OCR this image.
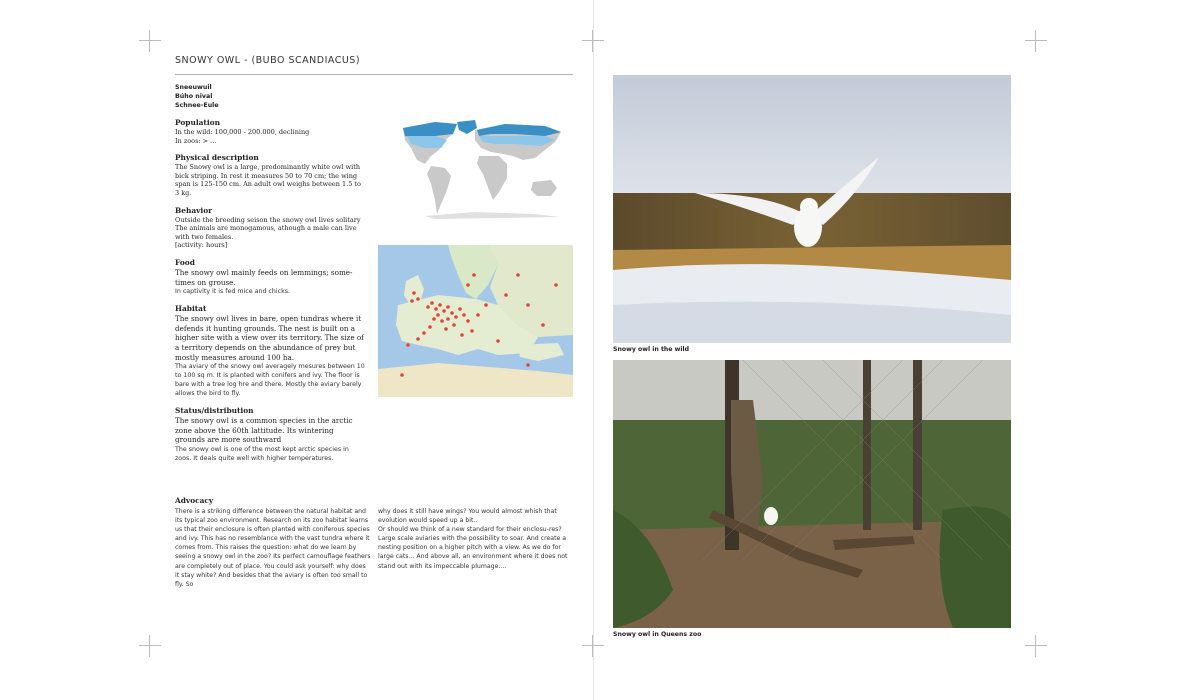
SNOWY OWL - (BUBO SCANDIACUS)
Sneeuwuil
Búho nival
Schnee-Eule
Population

In the wild: 100,000 - 200.000, declining

In zoos: > ...

Physical description

The Snowy owl is a large, predominantly white owl with bick striping. In rest it measures 50 to 70 cm; the wing span is 125-150 cm. An adult owl weighs between 1.5 to 3 kg.

Behavior

Outside the breeding seison the snowy owl lives solitary The animals are monogamous, athough a male can live with two females.

[activity: hours]

Food

The snowy owl mainly feeds on lemmings; some-times on grouse.

In captivity it is fed mice and chicks.

Habitat

The snowy owl lives in bare, open tundras where it defends it hunting grounds. The nest is built on a higher site with a view over its territory. The size of a territory depends on the abundance of prey but mostly measures around 100 ha.

Tha aviary of the snowy owl averagely mesures between 10 to 100 sq m. It is planted with conifers and ivy. The floor is bare with a tree log hre and there. Mostly the aviary barely allows the bird to fly.

Status/distribution

The snowy owl is a common species in the arctic zone above the 60th lattitude. Its wintering grounds are more southward

The snowy owl is one of the most kept arctic species in zoos. It deals quite well with higher temperatures.

Advocacy
There is a striking difference between the natural habitat and its typical zoo environment. Research on its zoo habitat learns us that their enclosure is often planted with coniferous species and ivy. This has no resemblance with the vast tundra where it comes from. This raises the question: what do we learn by seeing a snowy owl in the zoo? Its perfect camouflage feathers are completely out of place. You could ask yourself: why does it stay white? And besides that the aviary is often too small to fly. So
why does it still have wings? You would almost whish that evolution would speed up a bit..
Or should we think of a new standard for their enclosu-res? Large scale aviaries with the possibility to soar. And create a nesting position on a higher pitch with a view. As we do for large cats... And above all, an environment where it does not stand out with its impeccable plumage....
Snowy owl in the wild
Snowy owl in Queens zoo
